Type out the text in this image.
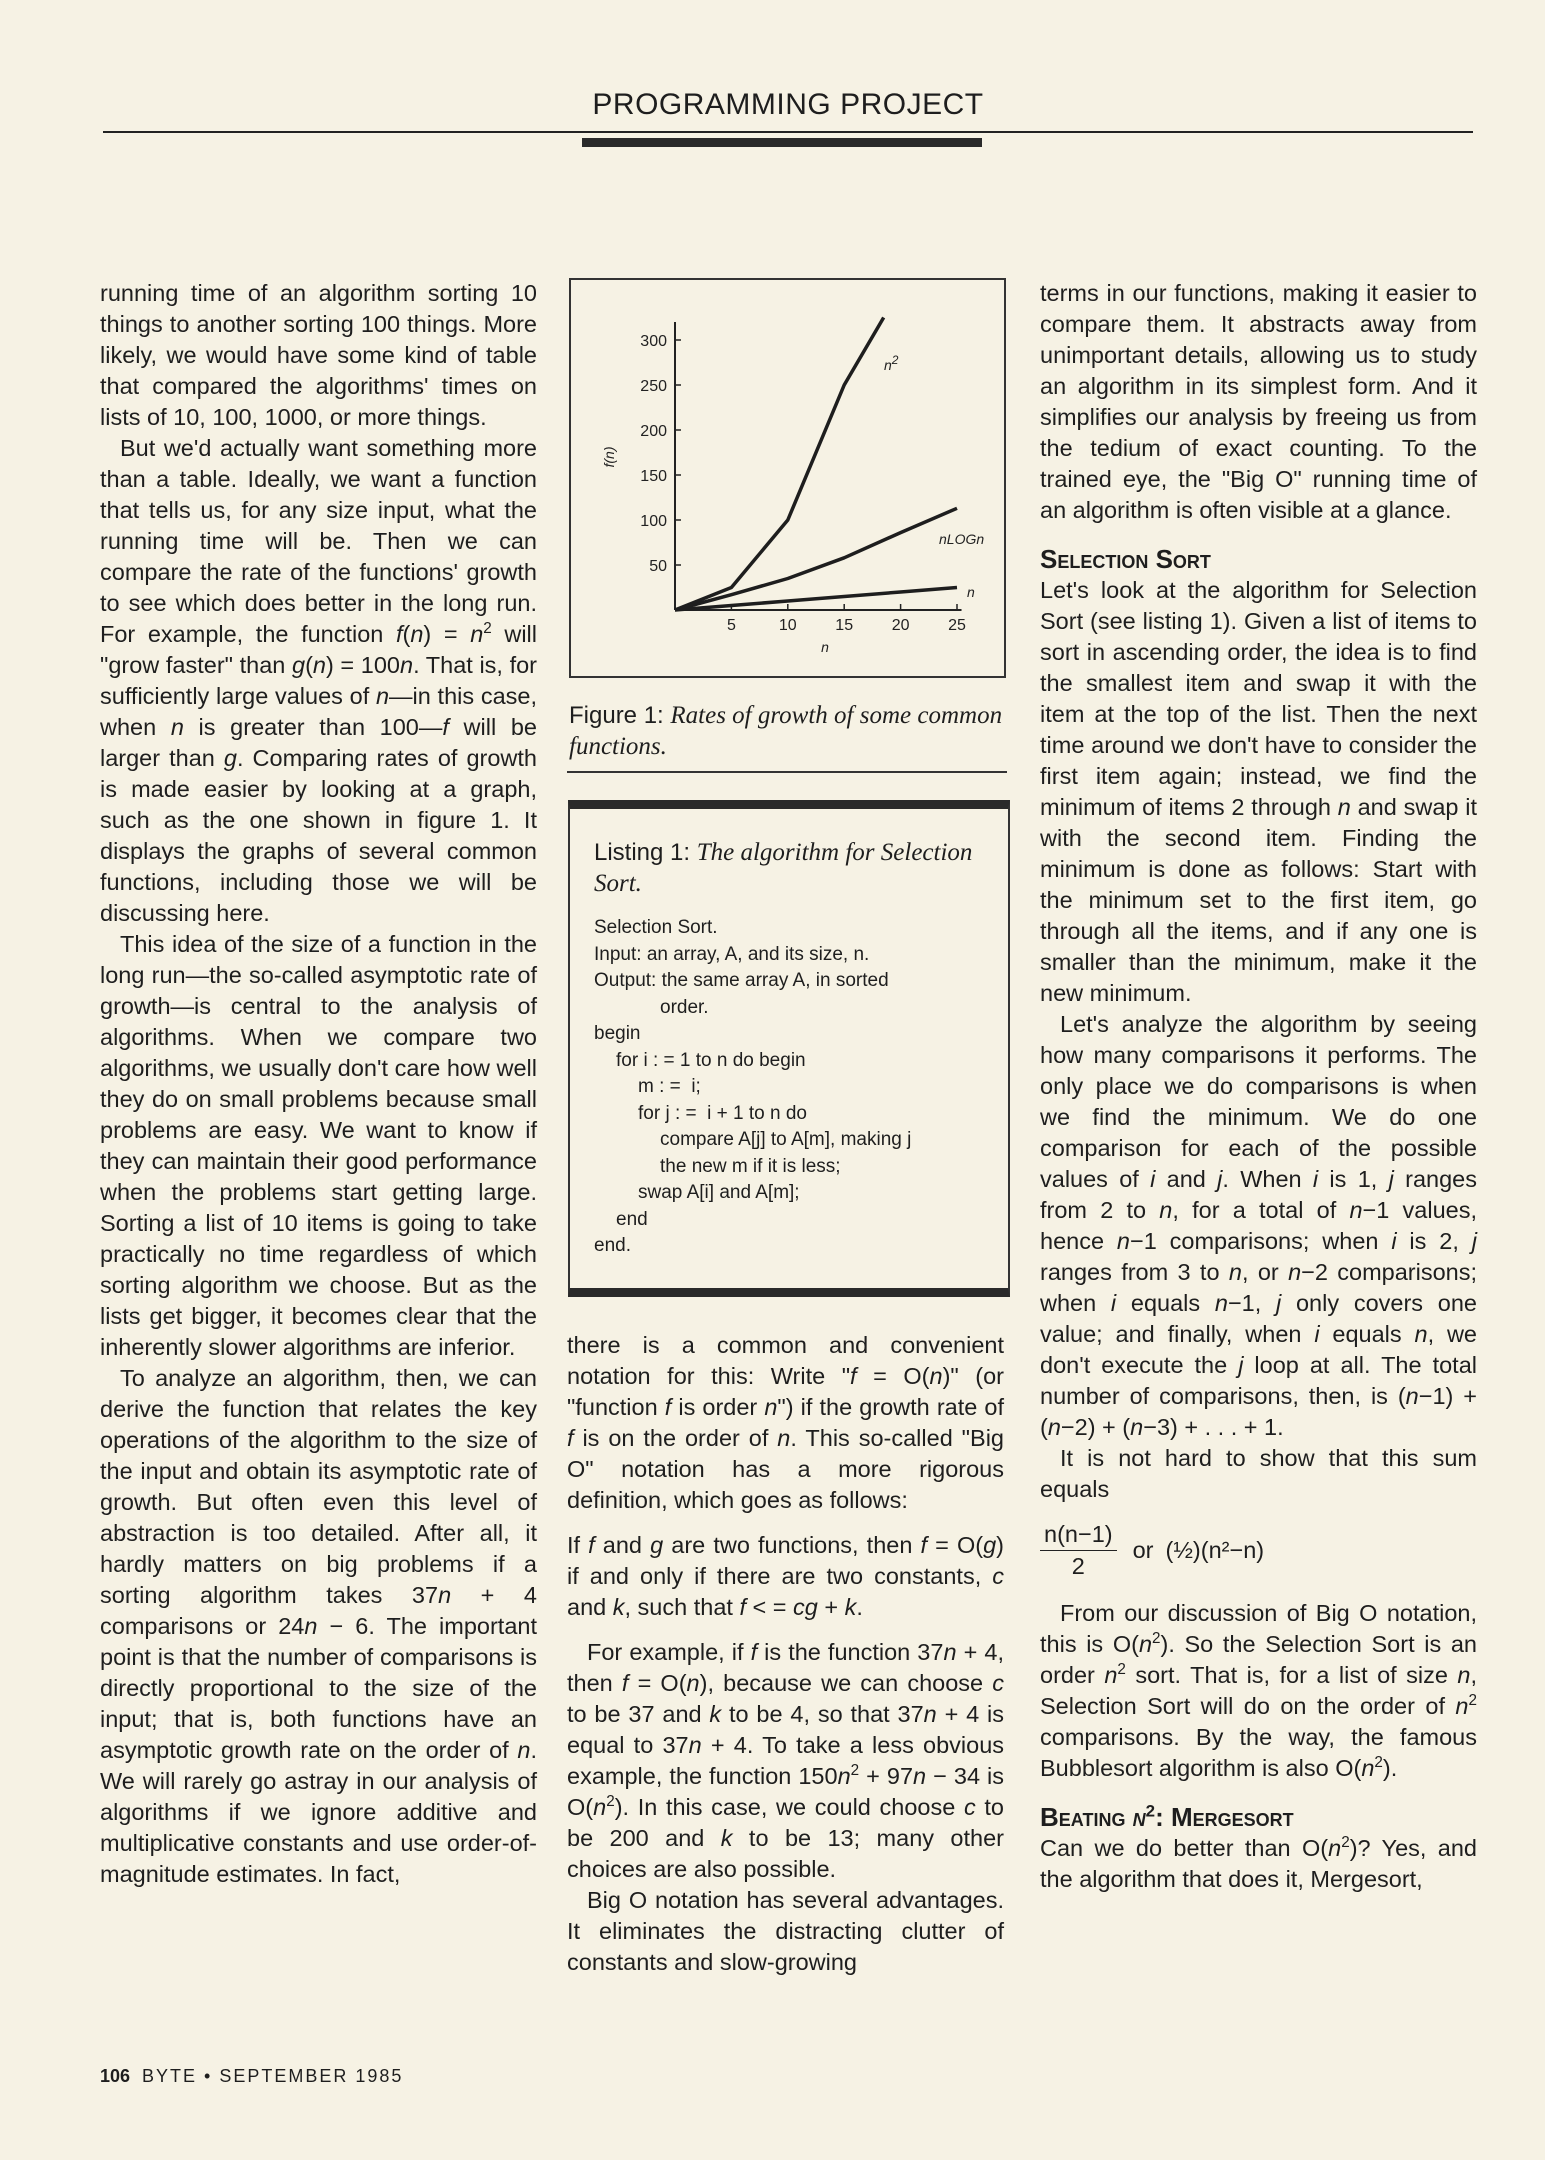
PROGRAMMING PROJECT

running time of an algorithm sorting 10 things to another sorting 100 things. More likely, we would have some kind of table that compared the algorithms' times on lists of 10, 100, 1000, or more things.

But we'd actually want something more than a table. Ideally, we want a function that tells us, for any size input, what the running time will be. Then we can compare the rate of the functions' growth to see which does better in the long run. For example, the function $f(n) = n^2$ will "grow faster" than g(n) = 100n. That is, for sufficiently large values of n—in this case, when n is greater than 100—f will be larger than g. Comparing rates of growth is made easier by looking at a graph, such as the one shown in figure 1. It displays the graphs of several common functions, including those we will be discussing here.

This idea of the size of a function in the long run—the so-called asymptotic rate of growth—is central to the analysis of algorithms. When we compare two algorithms, we usually don't care how well they do on small problems because small problems are easy. We want to know if they can maintain their good performance when the problems start getting large. Sorting a list of 10 items is going to take practically no time regardless of which sorting algorithm we choose. But as the lists get bigger, it becomes clear that the inherently slower algorithms are inferior.

To analyze an algorithm, then, we can derive the function that relates the key operations of the algorithm to the size of the input and obtain its asymptotic rate of growth. But often even this level of abstraction is too detailed. After all, it hardly matters on big problems if a sorting algorithm takes 37n + 4 comparisons or 24n − 6. The important point is that the number of comparisons is directly proportional to the size of the input; that is, both functions have an asymptotic growth rate on the order of n. We will rarely go astray in our analysis of algorithms if we ignore additive and multiplicative constants and use order-of-magnitude estimates. In fact,

50
100
150
200
250
300
5	10 15 20 25
f(n)
n
n2
nLOGn
n
Figure 1: Rates of growth of some common functions.
Listing 1: The algorithm for Selection Sort.
Selection Sort.
Input: an array, A, and its size, n.
Output: the same array A, in sorted
order.
begin
for i : = 1 to n do begin
m : =  i;
for j : =  i + 1 to n do
compare A[j] to A[m], making j
the new m if it is less;
swap A[i] and A[m];
end
end.

there is a common and convenient notation for this: Write "f = O(n)" (or "function f is order n") if the growth rate of f is on the order of n. This so-called "Big O" notation has a more rigorous definition, which goes as follows:

If f and g are two functions, then f = O(g) if and only if there are two constants, c and k, such that f < = cg + k.

For example, if f is the function 37n + 4, then f = O(n), because we can choose c to be 37 and k to be 4, so that 37n + 4 is equal to 37n + 4. To take a less obvious example, the function $150n^2 + 97n - 34$ is $O(n^2)$. In this case, we could choose c to be 200 and k to be 13; many other choices are also possible.

Big O notation has several advantages. It eliminates the distracting clutter of constants and slow-growing

terms in our functions, making it easier to compare them. It abstracts away from unimportant details, allowing us to study an algorithm in its simplest form. And it simplifies our analysis by freeing us from the tedium of exact counting. To the trained eye, the "Big O" running time of an algorithm is often visible at a glance.

Selection Sort

Let's look at the algorithm for Selection Sort (see listing 1). Given a list of items to sort in ascending order, the idea is to find the smallest item and swap it with the item at the top of the list. Then the next time around we don't have to consider the first item again; instead, we find the minimum of items 2 through n and swap it with the second item. Finding the minimum is done as follows: Start with the minimum set to the first item, go through all the items, and if any one is smaller than the minimum, make it the new minimum.

Let's analyze the algorithm by seeing how many comparisons it performs. The only place we do comparisons is when we find the minimum. We do one comparison for each of the possible values of i and j. When i is 1, j ranges from 2 to n, for a total of n−1 values, hence n−1 comparisons; when i is 2, j ranges from 3 to n, or n−2 comparisons; when i equals n−1, j only covers one value; and finally, when i equals n, we don't execute the j loop at all. The total number of comparisons, then, is (n−1) + (n−2) + (n−3) + . . . + 1.

It is not hard to show that this sum equals

$\frac{n(n-1)}{2}$ or (½)(n²−n)

From our discussion of Big O notation, this is $O(n^2)$. So the Selection Sort is an order $n^2$ sort. That is, for a list of size n, Selection Sort will do on the order of $n^2$ comparisons. By the way, the famous Bubblesort algorithm is also $O(n^2)$.

Beating $n^2$: Mergesort

Can we do better than $O(n^2)$? Yes, and the algorithm that does it, Mergesort,

106 BYTE • SEPTEMBER 1985
